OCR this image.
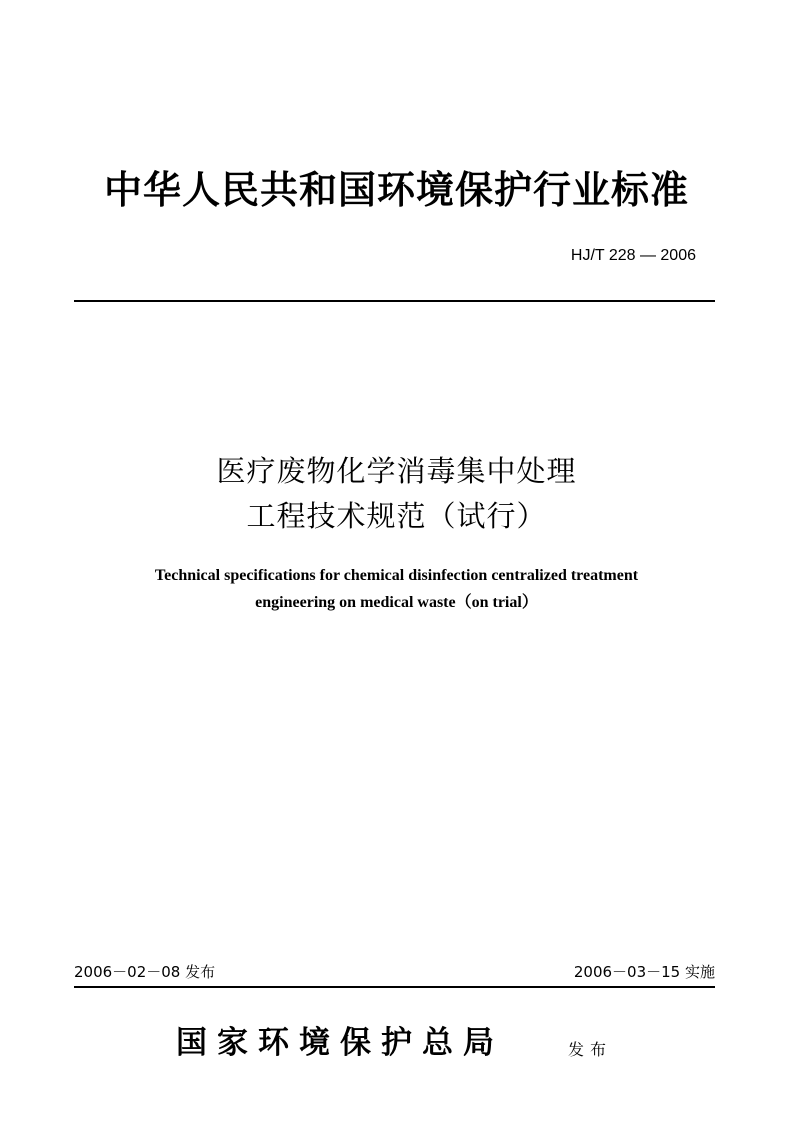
中华人民共和国环境保护行业标准
HJ/T 228 — 2006
医疗废物化学消毒集中处理
工程技术规范（试行）
Technical specifications for chemical disinfection centralized treatment
engineering on medical waste（on trial）
2006－02－08 发布	2006－03－15 实施
国家环境保护总局	发布
